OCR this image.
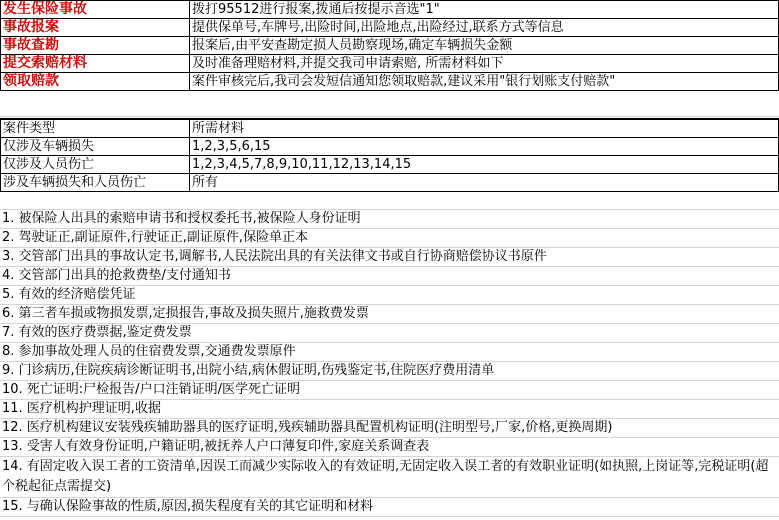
发生保险事故	拨打95512进行报案,拨通后按提示音选"1"
事故报案	提供保单号,车牌号,出险时间,出险地点,出险经过,联系方式等信息
事故查勘	报案后,由平安查勘定损人员勘察现场,确定车辆损失金额
提交索赔材料	及时准备理赔材料,并提交我司申请索赔, 所需材料如下
领取赔款	案件审核完后,我司会发短信通知您领取赔款,建议采用"银行划账支付赔款"
案件类型	所需材料
仅涉及车辆损失	1,2,3,5,6,15
仅涉及人员伤亡	1,2,3,4,5,7,8,9,10,11,12,13,14,15
涉及车辆损失和人员伤亡	所有
1. 被保险人出具的索赔申请书和授权委托书,被保险人身份证明
2. 驾驶证正,副证原件,行驶证正,副证原件,保险单正本
3. 交管部门出具的事故认定书,调解书,人民法院出具的有关法律文书或自行协商赔偿协议书原件
4. 交管部门出具的抢救费垫/支付通知书
5. 有效的经济赔偿凭证
6. 第三者车损或物损发票,定损报告,事故及损失照片,施救费发票
7. 有效的医疗费票据,鉴定费发票
8. 参加事故处理人员的住宿费发票,交通费发票原件
9. 门诊病历,住院疾病诊断证明书,出院小结,病休假证明,伤残鉴定书,住院医疗费用清单
10. 死亡证明:尸检报告/户口注销证明/医学死亡证明
11. 医疗机构护理证明,收据
12. 医疗机构建议安装残疾辅助器具的医疗证明,残疾辅助器具配置机构证明(注明型号,厂家,价格,更换周期)
13. 受害人有效身份证明,户籍证明,被抚养人户口薄复印件,家庭关系调查表
14. 有固定收入误工者的工资清单,因误工而减少实际收入的有效证明,无固定收入误工者的有效职业证明(如执照,上岗证等,完税证明(超个税起征点需提交)
15. 与确认保险事故的性质,原因,损失程度有关的其它证明和材料
